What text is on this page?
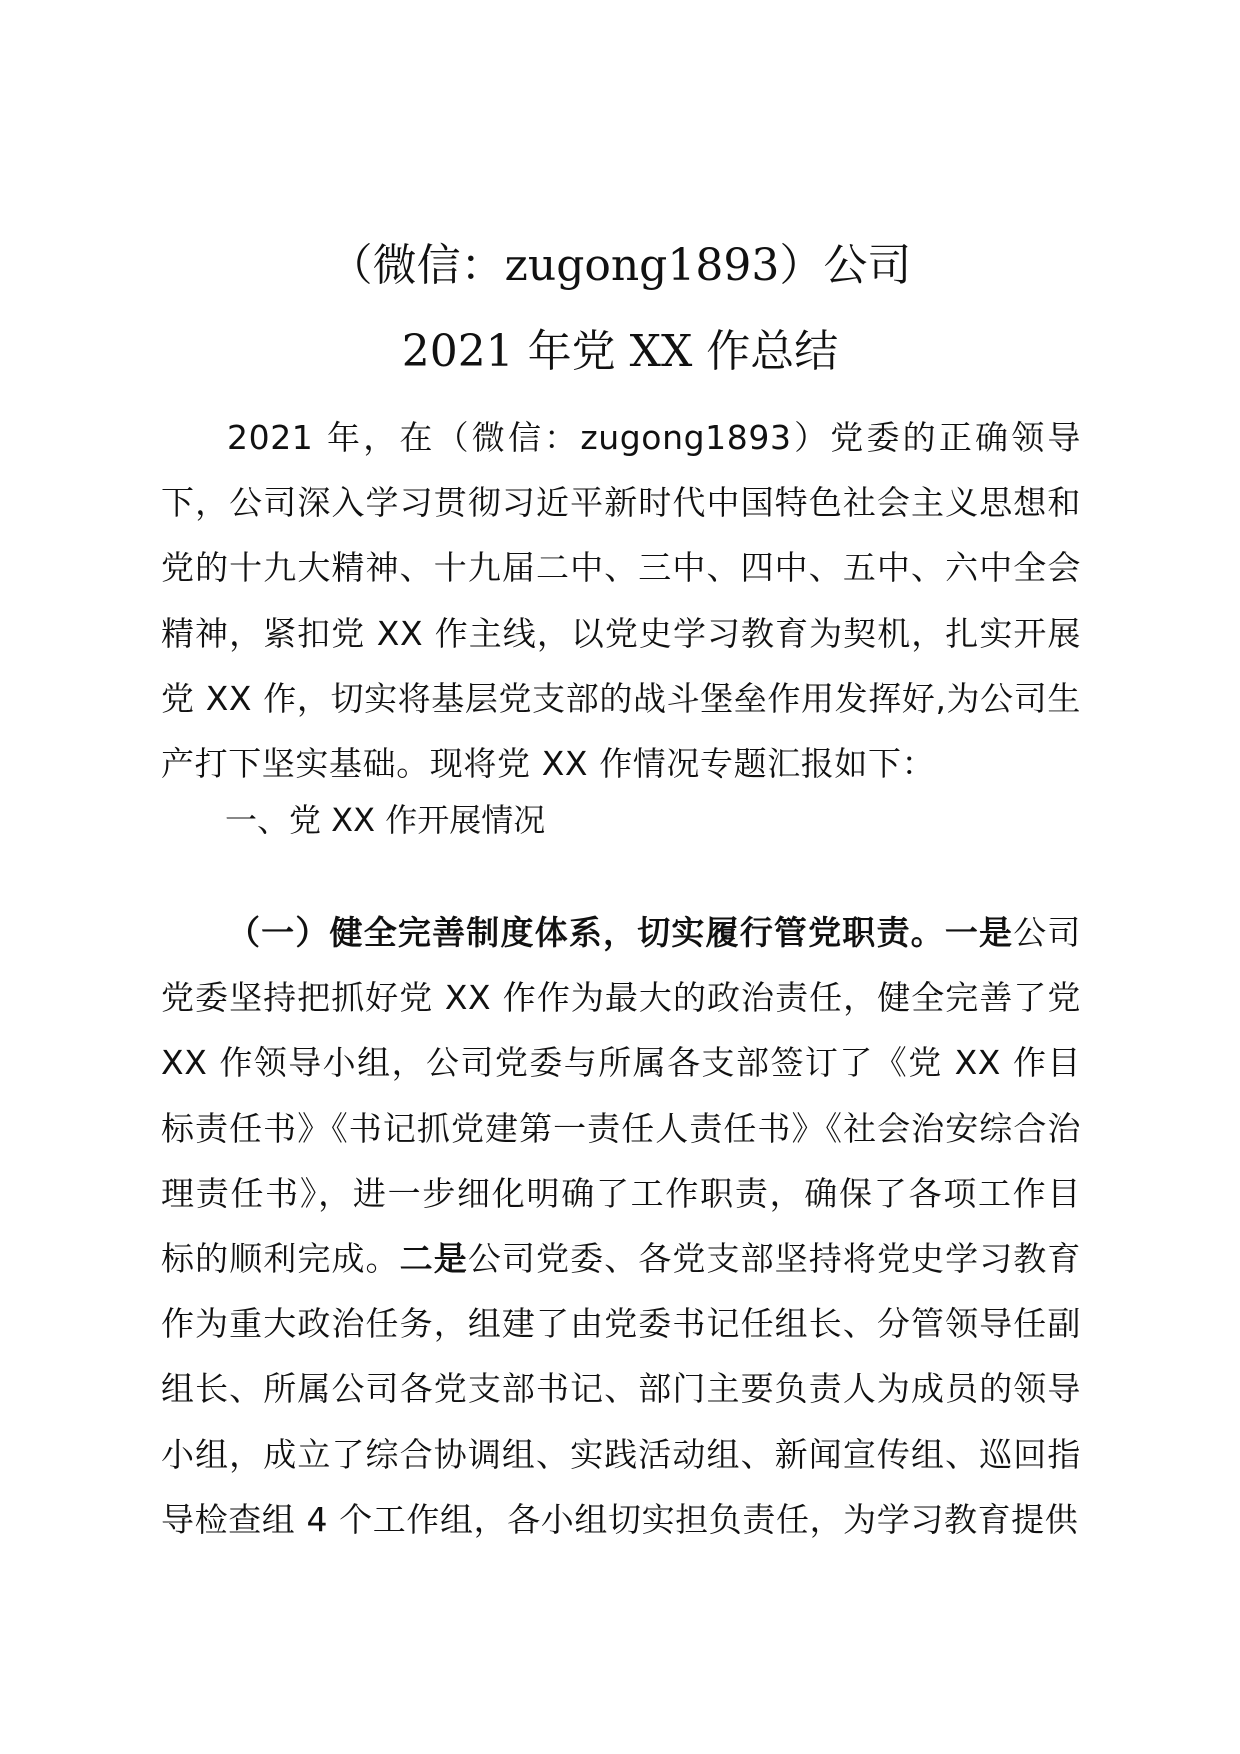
（微信：zugong1893）公司
2021 年党 XX 作总结

2021 年，在（微信：zugong1893）党委的正确领导下，公司深入学习贯彻习近平新时代中国特色社会主义思想和党的十九大精神、十九届二中、三中、四中、五中、六中全会精神，紧扣党 XX 作主线，以党史学习教育为契机，扎实开展党 XX 作，切实将基层党支部的战斗堡垒作用发挥好,为公司生产打下坚实基础。现将党 XX 作情况专题汇报如下：

一、党 XX 作开展情况

（一）健全完善制度体系，切实履行管党职责。一是公司党委坚持把抓好党 XX 作作为最大的政治责任，健全完善了党 XX 作领导小组，公司党委与所属各支部签订了《党 XX 作目标责任书》《书记抓党建第一责任人责任书》《社会治安综合治理责任书》，进一步细化明确了工作职责，确保了各项工作目标的顺利完成。二是公司党委、各党支部坚持将党史学习教育作为重大政治任务，组建了由党委书记任组长、分管领导任副组长、所属公司各党支部书记、部门主要负责人为成员的领导小组，成立了综合协调组、实践活动组、新闻宣传组、巡回指导检查组 4 个工作组，各小组切实担负责任，为学习教育提供
